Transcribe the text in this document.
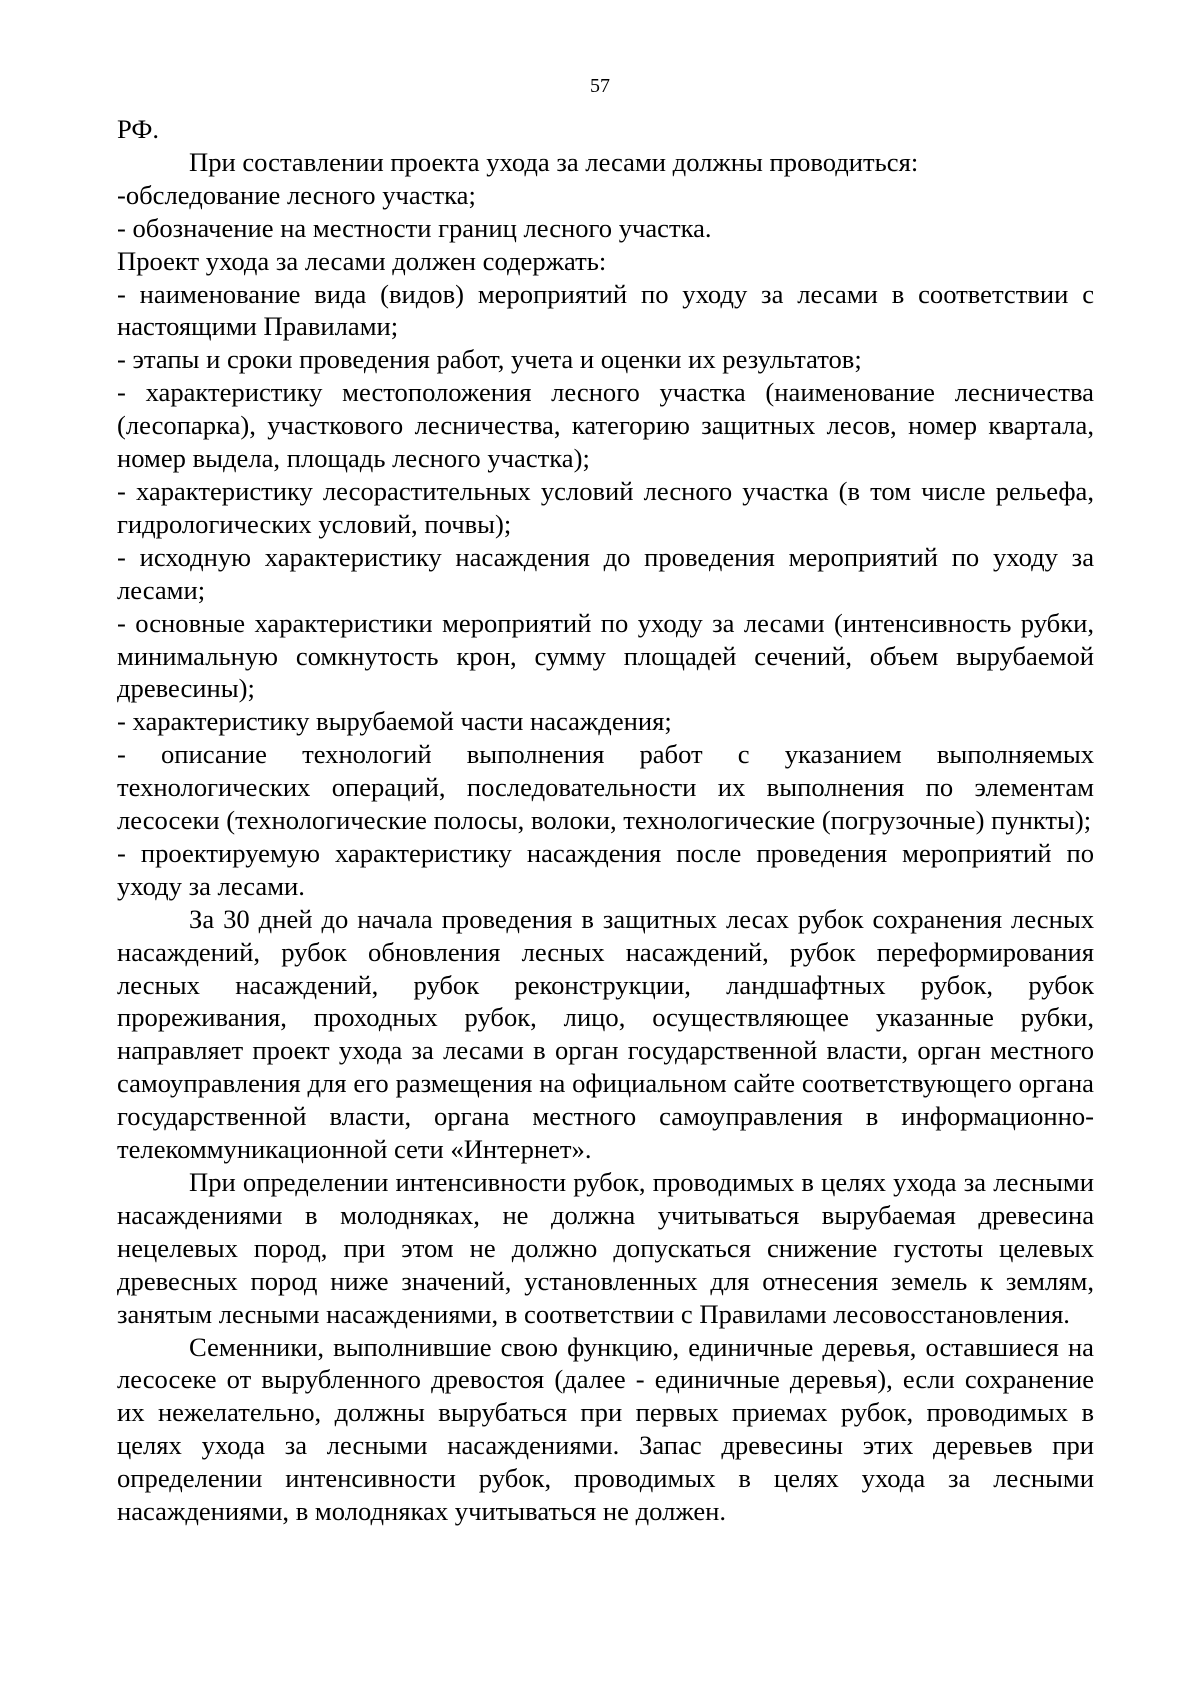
57

РФ.

При составлении проекта ухода за лесами должны проводиться:

-обследование лесного участка;

- обозначение на местности границ лесного участка.

Проект ухода за лесами должен содержать:

- наименование вида (видов) мероприятий по уходу за лесами в соответствии с настоящими Правилами;

- этапы и сроки проведения работ, учета и оценки их результатов;

- характеристику местоположения лесного участка (наименование лесничества (лесопарка), участкового лесничества, категорию защитных лесов, номер квартала, номер выдела, площадь лесного участка);

- характеристику лесорастительных условий лесного участка (в том числе рельефа, гидрологических условий, почвы);

- исходную характеристику насаждения до проведения мероприятий по уходу за лесами;

- основные характеристики мероприятий по уходу за лесами (интенсивность рубки, минимальную сомкнутость крон, сумму площадей сечений, объем вырубаемой древесины);

- характеристику вырубаемой части насаждения;

- описание технологий выполнения работ с указанием выполняемых технологических операций, последовательности их выполнения по элементам лесосеки (технологические полосы, волоки, технологические (погрузочные) пункты);

- проектируемую характеристику насаждения после проведения мероприятий по уходу за лесами.

За 30 дней до начала проведения в защитных лесах рубок сохранения лесных насаждений, рубок обновления лесных насаждений, рубок переформирования лесных насаждений, рубок реконструкции, ландшафтных рубок, рубок прореживания, проходных рубок, лицо, осуществляющее указанные рубки, направляет проект ухода за лесами в орган государственной власти, орган местного самоуправления для его размещения на официальном сайте соответствующего органа государственной власти, органа местного самоуправления в информационно-телекоммуникационной сети «Интернет».

При определении интенсивности рубок, проводимых в целях ухода за лесными насаждениями в молодняках, не должна учитываться вырубаемая древесина нецелевых пород, при этом не должно допускаться снижение густоты целевых древесных пород ниже значений, установленных для отнесения земель к землям, занятым лесными насаждениями, в соответствии с Правилами лесовосстановления.

Семенники, выполнившие свою функцию, единичные деревья, оставшиеся на лесосеке от вырубленного древостоя (далее - единичные деревья), если сохранение их нежелательно, должны вырубаться при первых приемах рубок, проводимых в целях ухода за лесными насаждениями. Запас древесины этих деревьев при определении интенсивности рубок, проводимых в целях ухода за лесными насаждениями, в молодняках учитываться не должен.
